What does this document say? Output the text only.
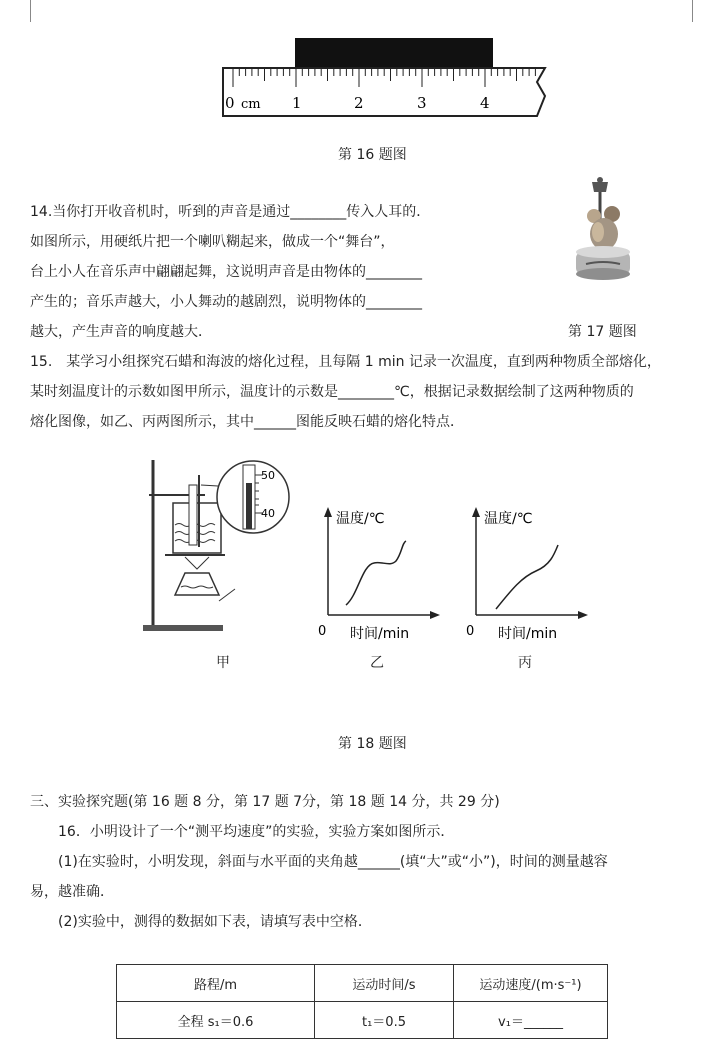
0 cm 1	2	3	4
第 16 题图
14.当你打开收音机时，听到的声音是通过________传入人耳的．
如图所示，用硬纸片把一个喇叭糊起来，做成一个“舞台”，
台上小人在音乐声中翩翩起舞，这说明声音是由物体的________
产生的；音乐声越大，小人舞动的越剧烈，说明物体的________
越大，产生声音的响度越大．	第 17 题图
15.　某学习小组探究石蜡和海波的熔化过程，且每隔 1 min 记录一次温度，直到两种物质全部熔化，
某时刻温度计的示数如图甲所示，温度计的示数是________℃，根据记录数据绘制了这两种物质的
熔化图像，如乙、丙两图所示，其中______图能反映石蜡的熔化特点．
50
40	温度/℃
0 时间/min
温度/℃
0 时间/min
甲	乙	丙
第 18 题图
三、实验探究题(第 16 题 8 分，第 17 题 7分，第 18 题 14 分，共 29 分)
16．小明设计了一个“测平均速度”的实验，实验方案如图所示．
(1)在实验时，小明发现，斜面与水平面的夹角越______(填“大”或“小”)，时间的测量越容
易，越准确．
(2)实验中，测得的数据如下表，请填写表中空格．
路程/m	运动时间/s	运动速度/(m·s⁻¹)
全程 s₁＝0.6	t₁＝0.5	v₁＝______
